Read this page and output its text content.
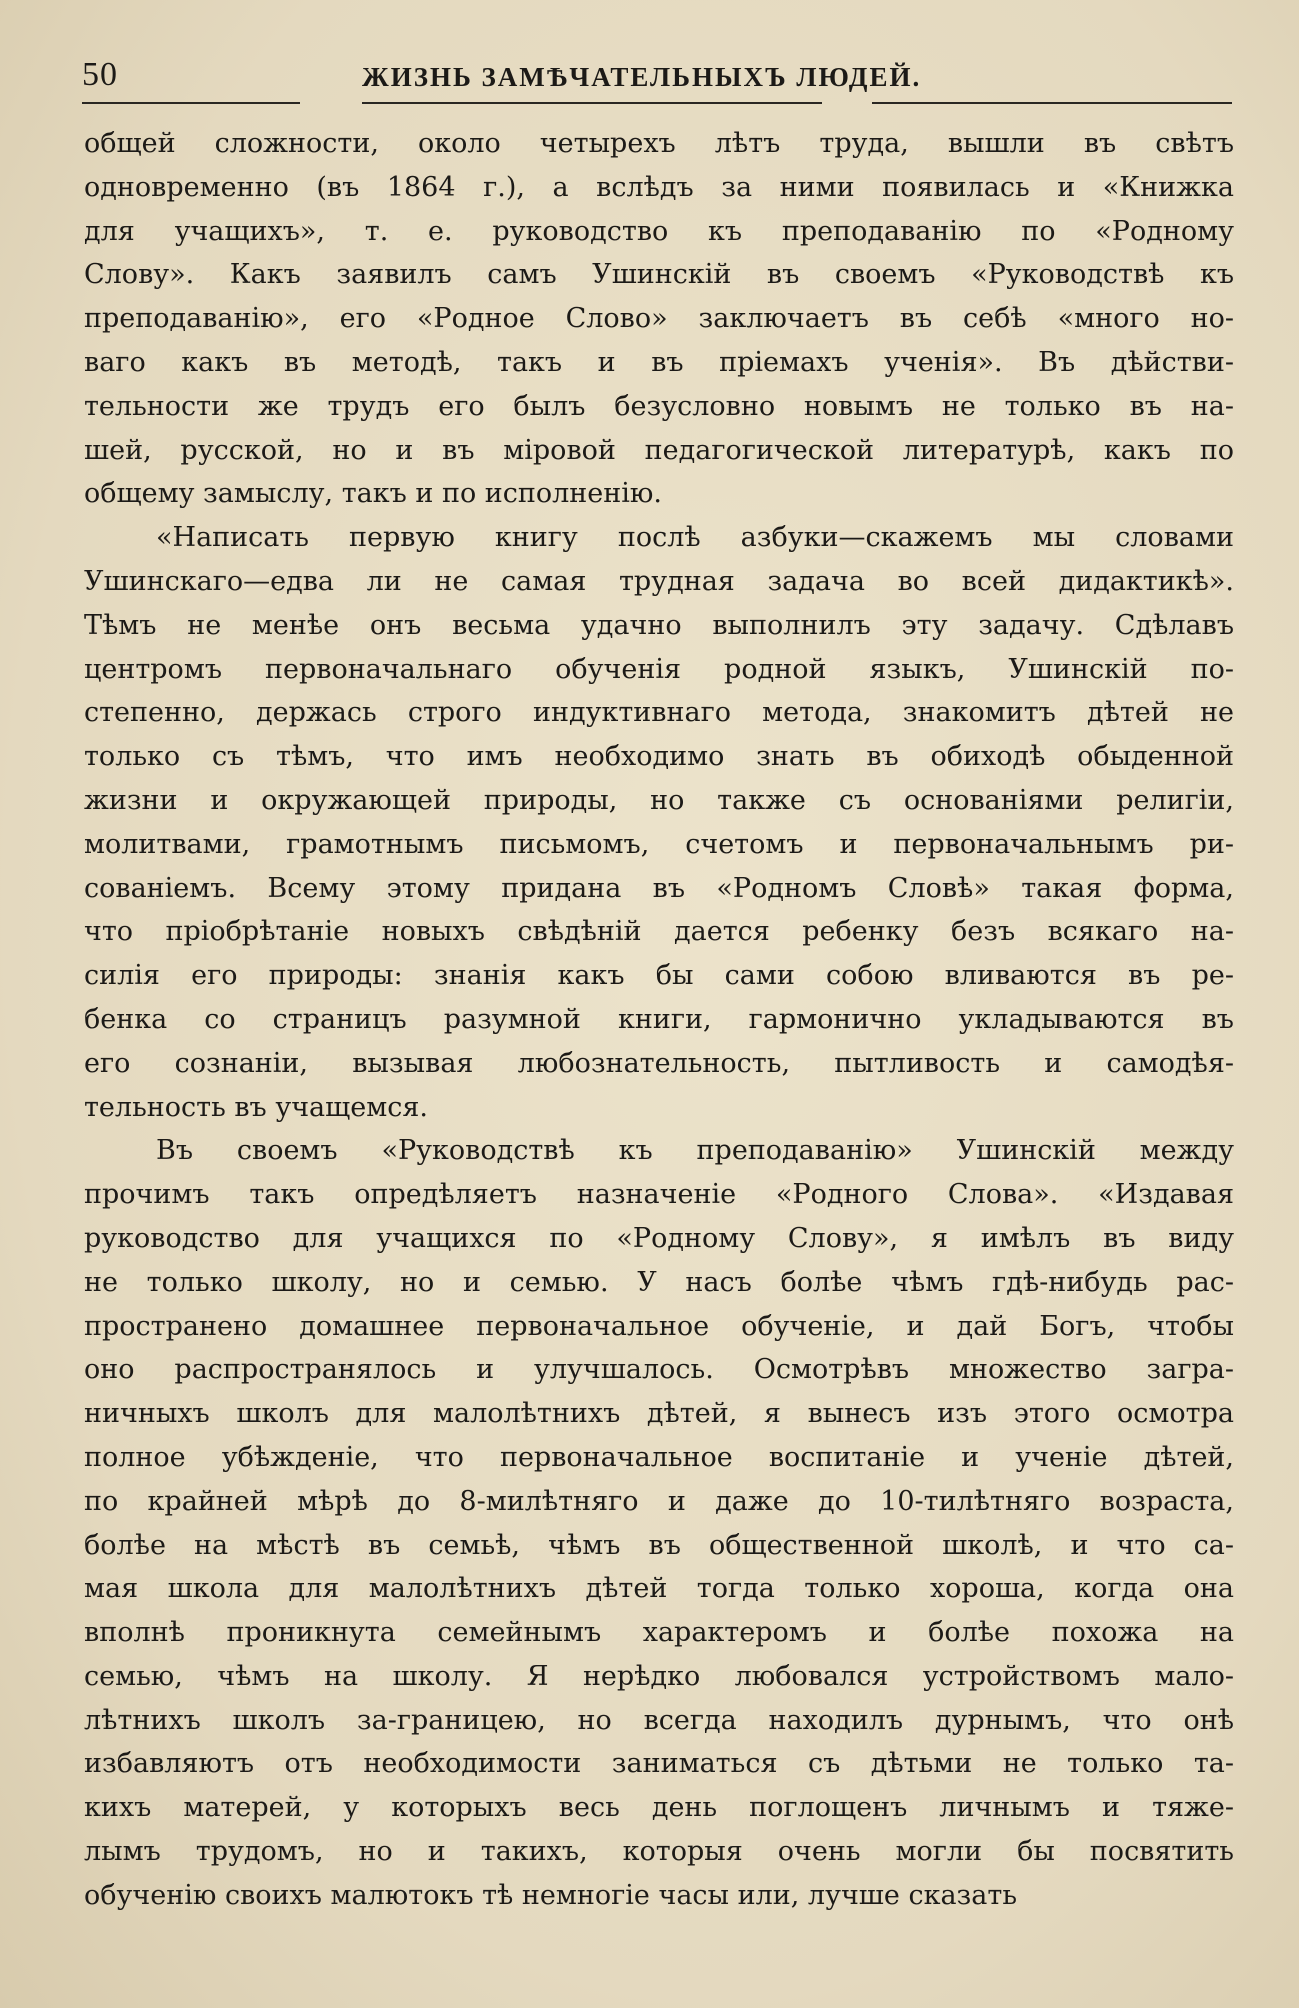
50	ЖИЗНЬ ЗАМѢЧАТЕЛЬНЫХЪ ЛЮДЕЙ.
общей сложности, около четырехъ лѣтъ труда, вышли въ свѣтъ
одновременно (въ 1864 г.), а вслѣдъ за ними появилась и «Книжка
для учащихъ», т. е. руководство къ преподаванію по «Родному
Слову». Какъ заявилъ самъ Ушинскій въ своемъ «Руководствѣ къ
преподаванію», его «Родное Слово» заключаетъ въ себѣ «много но-
ваго какъ въ методѣ, такъ и въ пріемахъ ученія». Въ дѣйстви-
тельности же трудъ его былъ безусловно новымъ не только въ на-
шей, русской, но и въ міровой педагогической литературѣ, какъ по
общему замыслу, такъ и по исполненію.
«Написать первую книгу послѣ азбуки—скажемъ мы словами
Ушинскаго—едва ли не самая трудная задача во всей дидактикѣ».
Тѣмъ не менѣе онъ весьма удачно выполнилъ эту задачу. Сдѣлавъ
центромъ первоначальнаго обученія родной языкъ, Ушинскій по-
степенно, держась строго индуктивнаго метода, знакомитъ дѣтей не
только съ тѣмъ, что имъ необходимо знать въ обиходѣ обыденной
жизни и окружающей природы, но также съ основаніями религіи,
молитвами, грамотнымъ письмомъ, счетомъ и первоначальнымъ ри-
сованіемъ. Всему этому придана въ «Родномъ Словѣ» такая форма,
что пріобрѣтаніе новыхъ свѣдѣній дается ребенку безъ всякаго на-
силія его природы: знанія какъ бы сами собою вливаются въ ре-
бенка со страницъ разумной книги, гармонично укладываются въ
его сознаніи, вызывая любознательность, пытливость и самодѣя-
тельность въ учащемся.
Въ своемъ «Руководствѣ къ преподаванію» Ушинскій между
прочимъ такъ опредѣляетъ назначеніе «Родного Слова». «Издавая
руководство для учащихся по «Родному Слову», я имѣлъ въ виду
не только школу, но и семью. У насъ болѣе чѣмъ гдѣ-нибудь рас-
пространено домашнее первоначальное обученіе, и дай Богъ, чтобы
оно распространялось и улучшалось. Осмотрѣвъ множество загра-
ничныхъ школъ для малолѣтнихъ дѣтей, я вынесъ изъ этого осмотра
полное убѣжденіе, что первоначальное воспитаніе и ученіе дѣтей,
по крайней мѣрѣ до 8-милѣтняго и даже до 10-тилѣтняго возраста,
болѣе на мѣстѣ въ семьѣ, чѣмъ въ общественной школѣ, и что са-
мая школа для малолѣтнихъ дѣтей тогда только хороша, когда она
вполнѣ проникнута семейнымъ характеромъ и болѣе похожа на
семью, чѣмъ на школу. Я нерѣдко любовался устройствомъ мало-
лѣтнихъ школъ за-границею, но всегда находилъ дурнымъ, что онѣ
избавляютъ отъ необходимости заниматься съ дѣтьми не только та-
кихъ матерей, у которыхъ весь день поглощенъ личнымъ и тяже-
лымъ трудомъ, но и такихъ, которыя очень могли бы посвятить
обученію своихъ малютокъ тѣ немногіе часы или, лучше сказать
